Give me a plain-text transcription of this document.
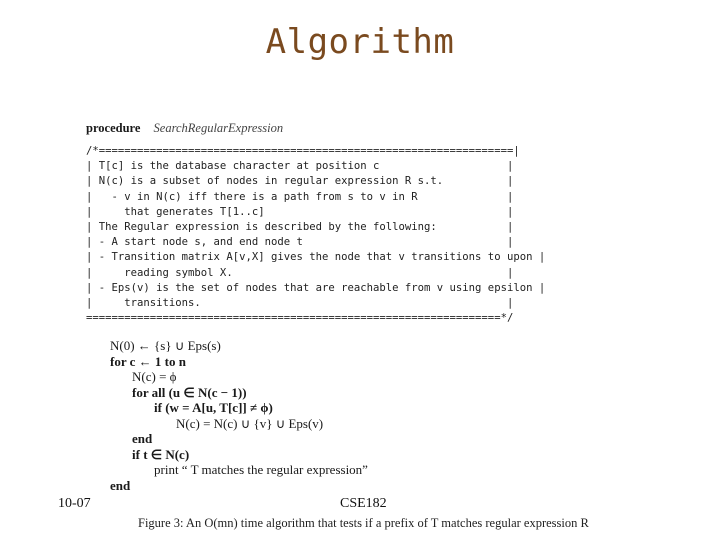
Algorithm
procedure SearchRegularExpression
/*=================================================================|
| T[c] is the database character at position c                    |
| N(c) is a subset of nodes in regular expression R s.t.          |
|   - v in N(c) iff there is a path from s to v in R              |
|     that generates T[1..c]                                      |
| The Regular expression is described by the following:           |
| - A start node s, and end node t                                |
| - Transition matrix A[v,X] gives the node that v transitions to upon |
|     reading symbol X.                                           |
| - Eps(v) is the set of nodes that are reachable from v using epsilon |
|     transitions.                                                |
=================================================================*/
N(0) ← {s} ∪ Eps(s)
for c ← 1 to n
N(c) = ϕ
for all (u ∈ N(c − 1))
if (w = A[u, T[c]] ≠ ϕ)
N(c) = N(c) ∪ {v} ∪ Eps(v)
end
if t ∈ N(c)
print “ T matches the regular expression”
end
10-07	CSE182
Figure 3: An O(mn) time algorithm that tests if a prefix of T matches regular expression R
